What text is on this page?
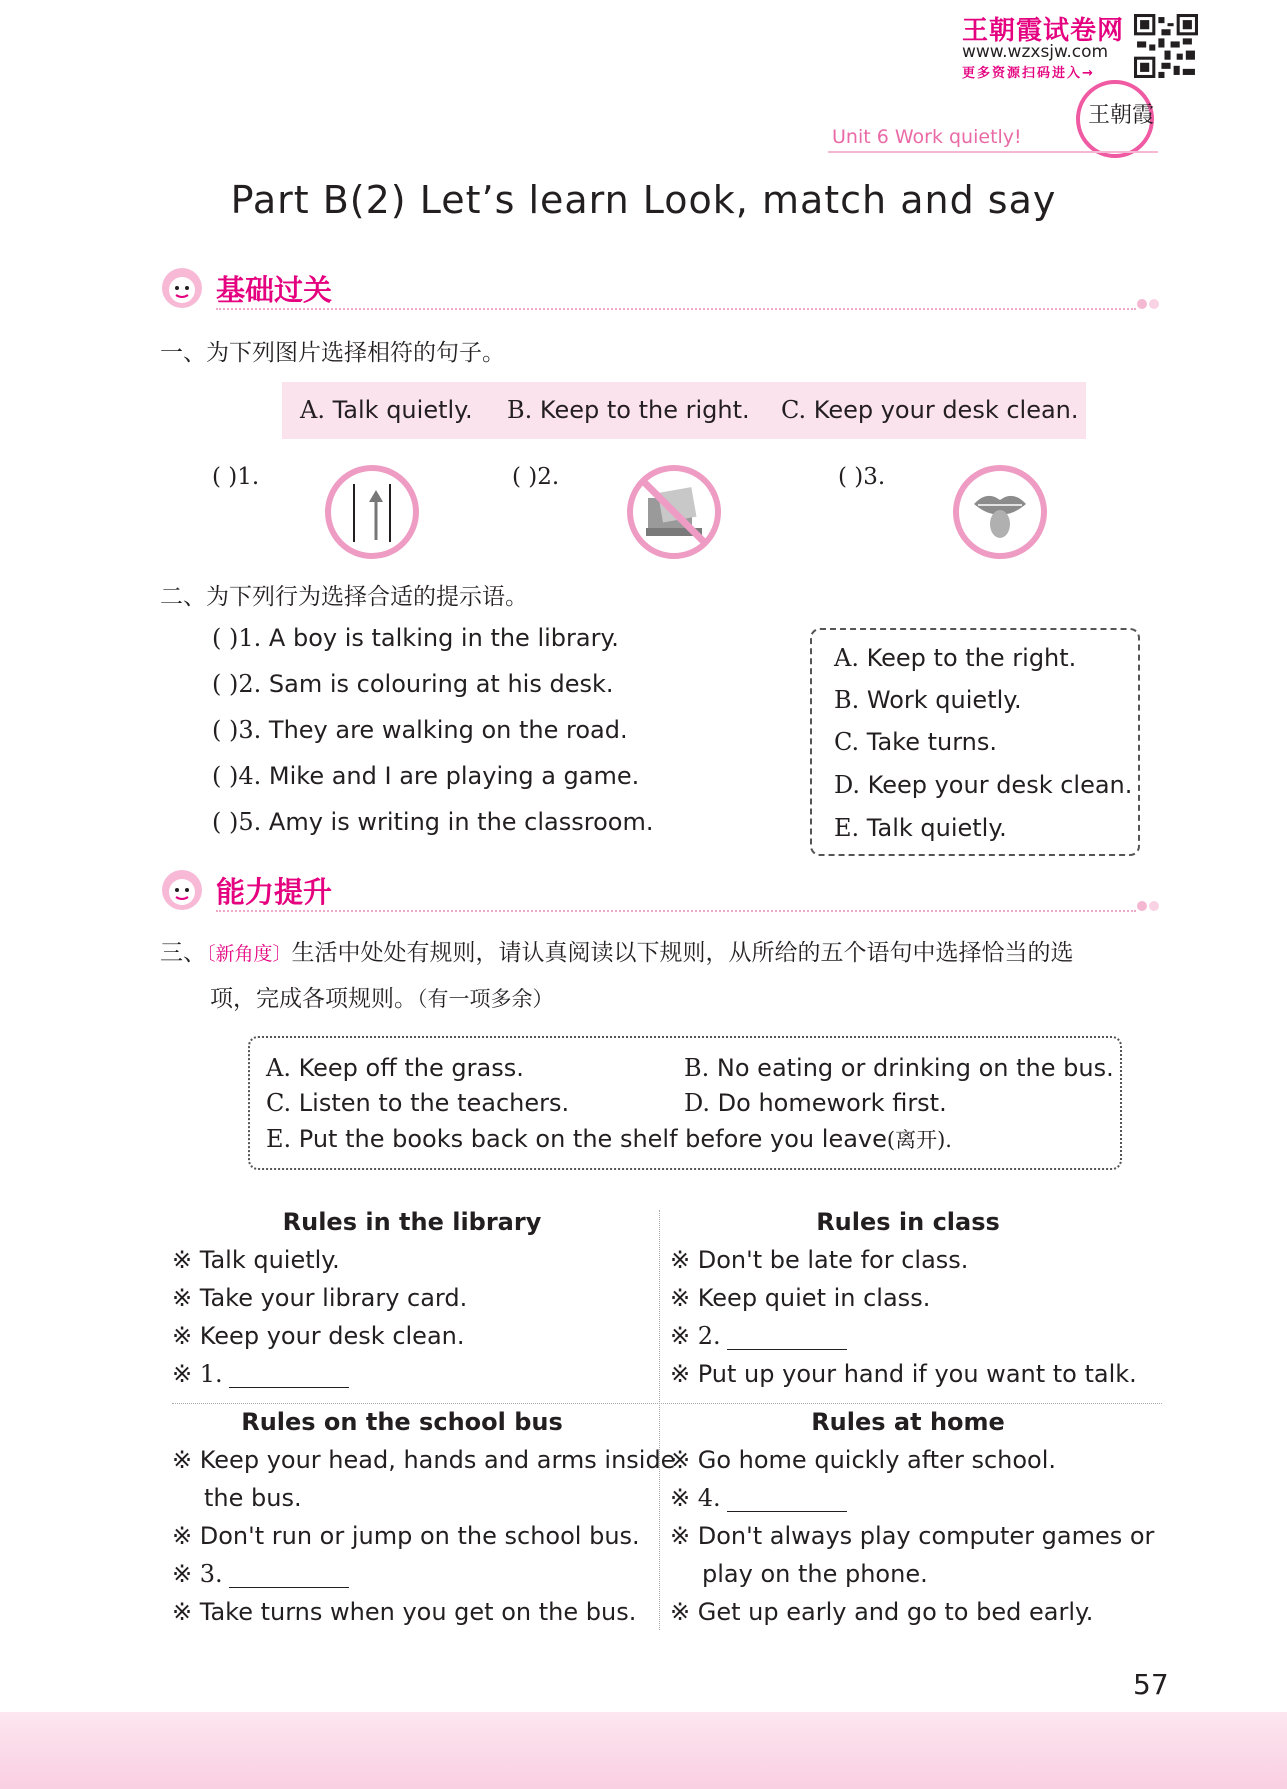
王朝霞试卷网
www.wzxsjw.com
更多资源扫码进入→
王朝霞
Unit 6 Work quietly!
Part B(2) Let’s learn Look, match and say
基础过关
一、为下列图片选择相符的句子。
A. Talk quietly. B. Keep to the right. C. Keep your desk clean.
( )1.	( )2.	( )3.
二、为下列行为选择合适的提示语。
( )1. A boy is talking in the library.
( )2. Sam is colouring at his desk.
( )3. They are walking on the road.
( )4. Mike and I are playing a game.
( )5. Amy is writing in the classroom.
A. Keep to the right.
B. Work quietly.
C. Take turns.
D. Keep your desk clean.
E. Talk quietly.
能力提升
三、〔新角度〕生活中处处有规则，请认真阅读以下规则，从所给的五个语句中选择恰当的选
项，完成各项规则。（有一项多余）
A. Keep off the grass.	B. No eating or drinking on the bus.
C. Listen to the teachers.	D. Do homework first.
E. Put the books back on the shelf before you leave(离开).
Rules in the library
※ Talk quietly.
※ Take your library card.
※ Keep your desk clean.
※ 1.
Rules in class
※ Don't be late for class.
※ Keep quiet in class.
※ 2.
※ Put up your hand if you want to talk.
Rules on the school bus
※ Keep your head, hands and arms inside
the bus.
※ Don't run or jump on the school bus.
※ 3.
※ Take turns when you get on the bus.
Rules at home
※ Go home quickly after school.
※ 4.
※ Don't always play computer games or
play on the phone.
※ Get up early and go to bed early.
57
